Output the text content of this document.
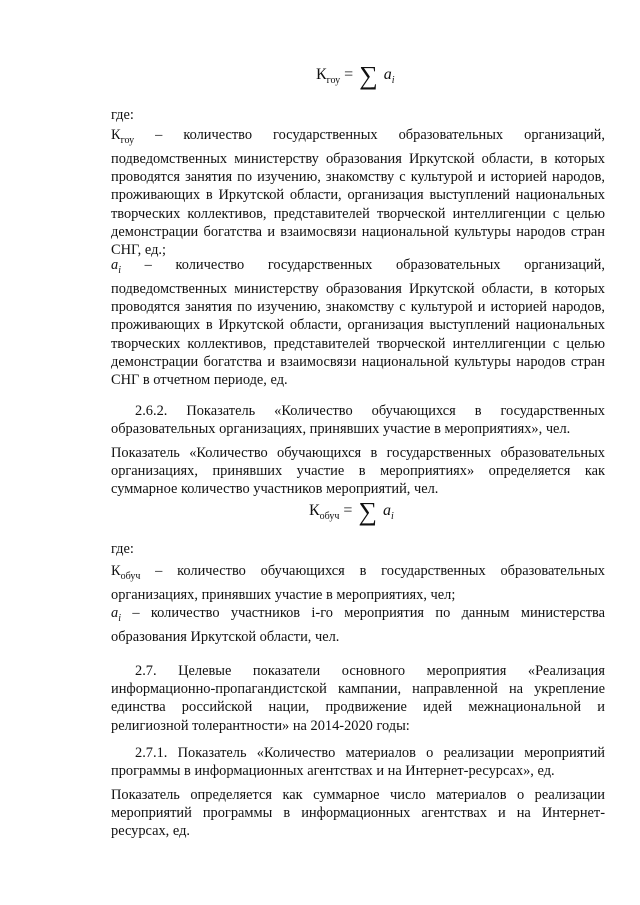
$К_{гоу}$ = ∑ $a_i$
где:

$К_{гоу}$ – количество государственных образовательных организаций, подведомственных министерству образования Иркутской области, в которых проводятся занятия по изучению, знакомству с культурой и историей народов, проживающих в Иркутской области, организация выступлений национальных творческих коллективов, представителей творческой интеллигенции с целью демонстрации богатства и взаимосвязи национальной культуры народов стран СНГ, ед.;

$a_i$ – количество государственных образовательных организаций, подведомственных министерству образования Иркутской области, в которых проводятся занятия по изучению, знакомству с культурой и историей народов, проживающих в Иркутской области, организация выступлений национальных творческих коллективов, представителей творческой интеллигенции с целью демонстрации богатства и взаимосвязи национальной культуры народов стран СНГ в отчетном периоде, ед.

2.6.2. Показатель «Количество обучающихся в государственных образовательных организациях, принявших участие в мероприятиях», чел.
Показатель «Количество обучающихся в государственных образовательных организациях, принявших участие в мероприятиях» определяется как суммарное количество участников мероприятий, чел.
$К_{обуч}$ = ∑ $a_i$
где:

$К_{обуч}$ – количество обучающихся в государственных образовательных организациях, принявших участие в мероприятиях, чел;

$a_i$ – количество участников i-го мероприятия по данным министерства образования Иркутской области, чел.

2.7. Целевые показатели основного мероприятия «Реализация информационно-пропагандистской кампании, направленной на укрепление единства российской нации, продвижение идей межнациональной и религиозной толерантности» на 2014-2020 годы:
2.7.1. Показатель «Количество материалов о реализации мероприятий программы в информационных агентствах и на Интернет-ресурсах», ед.
Показатель определяется как суммарное число материалов о реализации мероприятий программы в информационных агентствах и на Интернет-ресурсах, ед.
